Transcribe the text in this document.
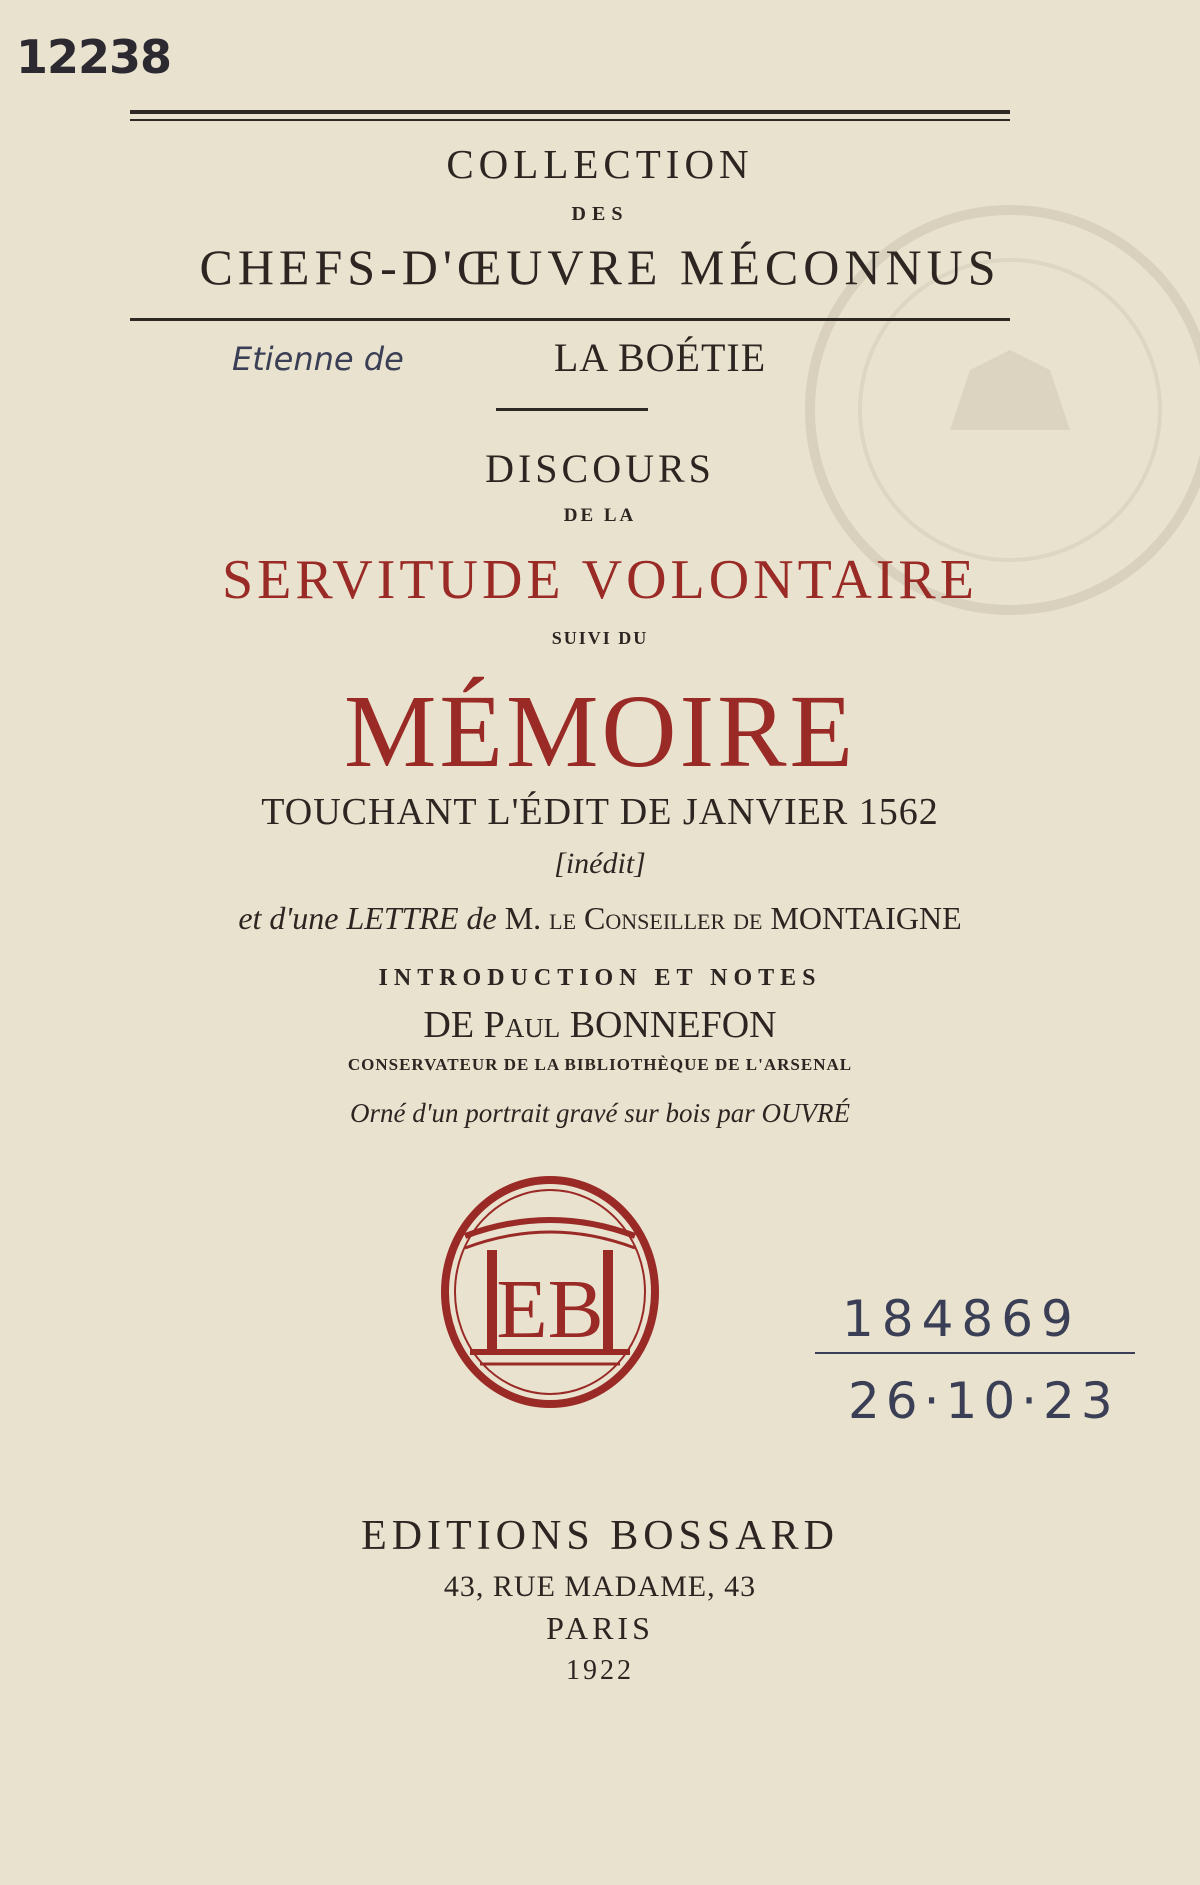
12238
COLLECTION
DES
CHEFS-D'ŒUVRE MÉCONNUS
Etienne de	LA BOÉTIE
DISCOURS
DE LA
SERVITUDE VOLONTAIRE
SUIVI DU
MÉMOIRE
TOUCHANT L'ÉDIT DE JANVIER 1562
[inédit]
et d'une LETTRE de M. le Conseiller de MONTAIGNE
INTRODUCTION ET NOTES
DE Paul BONNEFON
CONSERVATEUR DE LA BIBLIOTHÈQUE DE L'ARSENAL
Orné d'un portrait gravé sur bois par OUVRÉ
EB	184869
26·10·23
EDITIONS BOSSARD
43, RUE MADAME, 43
PARIS
1922
